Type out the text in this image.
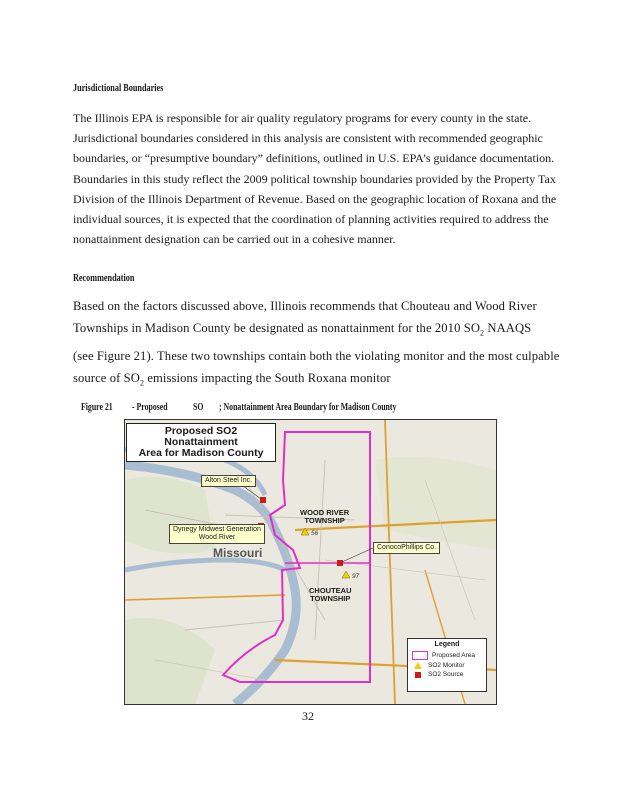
Jurisdictional Boundaries
The Illinois EPA is responsible for air quality regulatory programs for every county in the state.
Jurisdictional boundaries considered in this analysis are consistent with recommended geographic
boundaries, or “presumptive boundary” definitions, outlined in U.S. EPA’s guidance documentation.
Boundaries in this study reflect the 2009 political township boundaries provided by the Property Tax
Division of the Illinois Department of Revenue. Based on the geographic location of Roxana and the
individual sources, it is expected that the coordination of planning activities required to address the
nonattainment designation can be carried out in a cohesive manner.
Recommendation
Based on the factors discussed above, Illinois recommends that Chouteau and Wood River
Townships in Madison County be designated as nonattainment for the 2010 $SO_2$ NAAQS
(see Figure 21). These two townships contain both the violating monitor and the most culpable
source of $SO_2$ emissions impacting the South Roxana monitor
Figure 21 - Proposed	SO ; Nonattainment Area Boundary for Madison County
56
97
Proposed SO2 Nonattainment
Area for Madison County
Alton Steel Inc.
Dynegy Midwest Generation
Wood River
ConocoPhillips Co.
WOOD RIVER
TOWNSHIP
CHOUTEAU
TOWNSHIP
Missouri
Legend
Proposed Area
SO2 Monitor
SO2 Source
32
